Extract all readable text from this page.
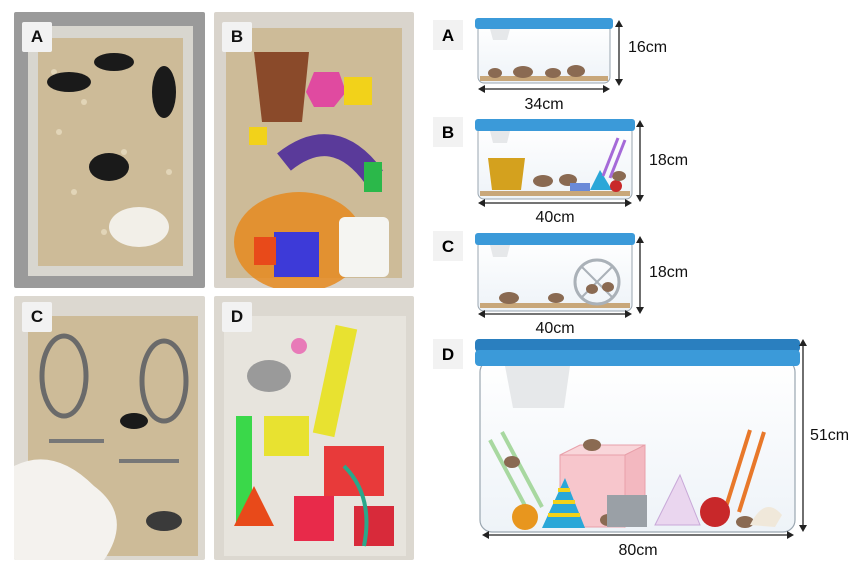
A	B
C	D
A
16cm
34cm
B
18cm
40cm
C
18cm
40cm
D
51cm
80cm
